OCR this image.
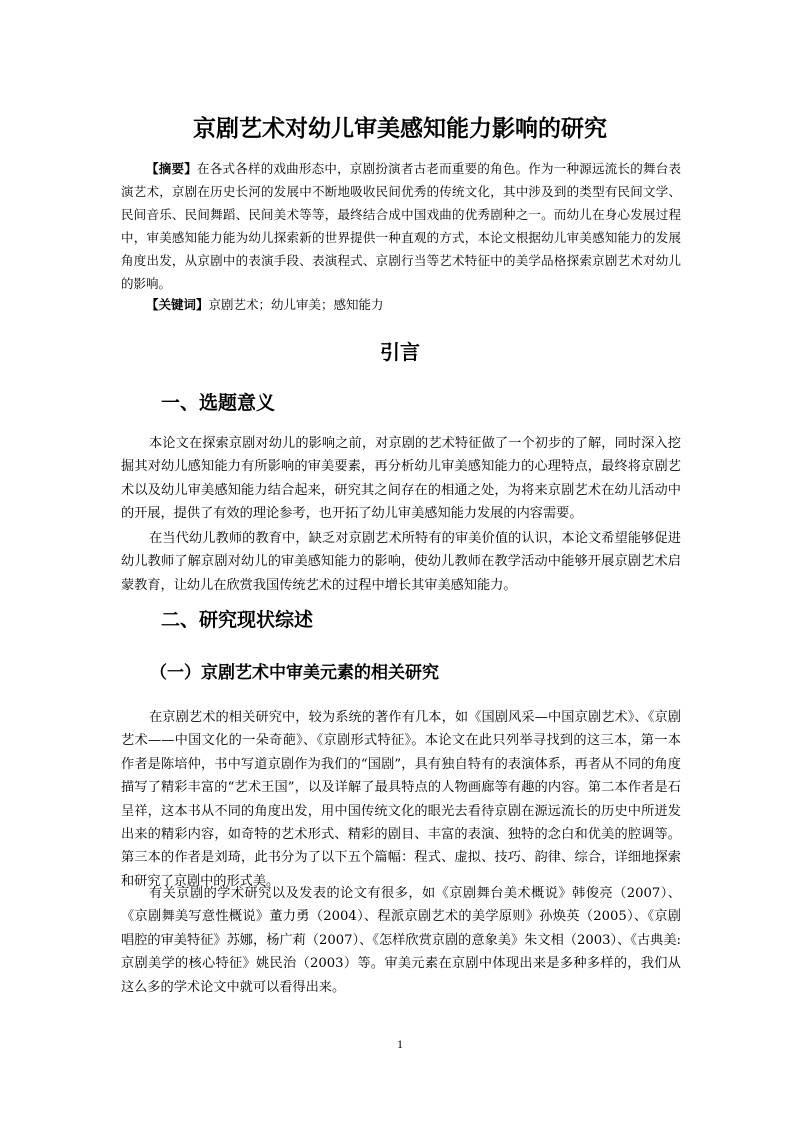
京剧艺术对幼儿审美感知能力影响的研究
【摘要】在各式各样的戏曲形态中，京剧扮演者古老而重要的角色。作为一种源远流长的舞台表演艺术，京剧在历史长河的发展中不断地吸收民间优秀的传统文化，其中涉及到的类型有民间文学、民间音乐、民间舞蹈、民间美术等等，最终结合成中国戏曲的优秀剧种之一。而幼儿在身心发展过程中，审美感知能力能为幼儿探索新的世界提供一种直观的方式，本论文根据幼儿审美感知能力的发展角度出发，从京剧中的表演手段、表演程式、京剧行当等艺术特征中的美学品格探索京剧艺术对幼儿的影响。
【关键词】京剧艺术；幼儿审美；感知能力
引言
一、选题意义
本论文在探索京剧对幼儿的影响之前，对京剧的艺术特征做了一个初步的了解，同时深入挖掘其对幼儿感知能力有所影响的审美要素，再分析幼儿审美感知能力的心理特点，最终将京剧艺术以及幼儿审美感知能力结合起来，研究其之间存在的相通之处，为将来京剧艺术在幼儿活动中的开展，提供了有效的理论参考，也开拓了幼儿审美感知能力发展的内容需要。
在当代幼儿教师的教育中，缺乏对京剧艺术所特有的审美价值的认识，本论文希望能够促进幼儿教师了解京剧对幼儿的审美感知能力的影响，使幼儿教师在教学活动中能够开展京剧艺术启蒙教育，让幼儿在欣赏我国传统艺术的过程中增长其审美感知能力。
二、研究现状综述
（一）京剧艺术中审美元素的相关研究
在京剧艺术的相关研究中，较为系统的著作有几本，如《国剧风采—中国京剧艺术》、《京剧艺术——中国文化的一朵奇葩》、《京剧形式特征》。本论文在此只列举寻找到的这三本，第一本作者是陈培仲，书中写道京剧作为我们的“国剧”，具有独自特有的表演体系，再者从不同的角度描写了精彩丰富的“艺术王国”，以及详解了最具特点的人物画廊等有趣的内容。第二本作者是石呈祥，这本书从不同的角度出发，用中国传统文化的眼光去看待京剧在源远流长的历史中所迸发出来的精彩内容，如奇特的艺术形式、精彩的剧目、丰富的表演、独特的念白和优美的腔调等。第三本的作者是刘琦，此书分为了以下五个篇幅：程式、虚拟、技巧、韵律、综合，详细地探索和研究了京剧中的形式美。
有关京剧的学术研究以及发表的论文有很多，如《京剧舞台美术概说》韩俊亮（2007）、《京剧舞美写意性概说》董力勇（2004）、程派京剧艺术的美学原则》孙焕英（2005）、《京剧唱腔的审美特征》苏娜，杨广莉（2007）、《怎样欣赏京剧的意象美》朱文相（2003）、《古典美:京剧美学的核心特征》姚民治（2003）等。审美元素在京剧中体现出来是多种多样的，我们从这么多的学术论文中就可以看得出来。
1
